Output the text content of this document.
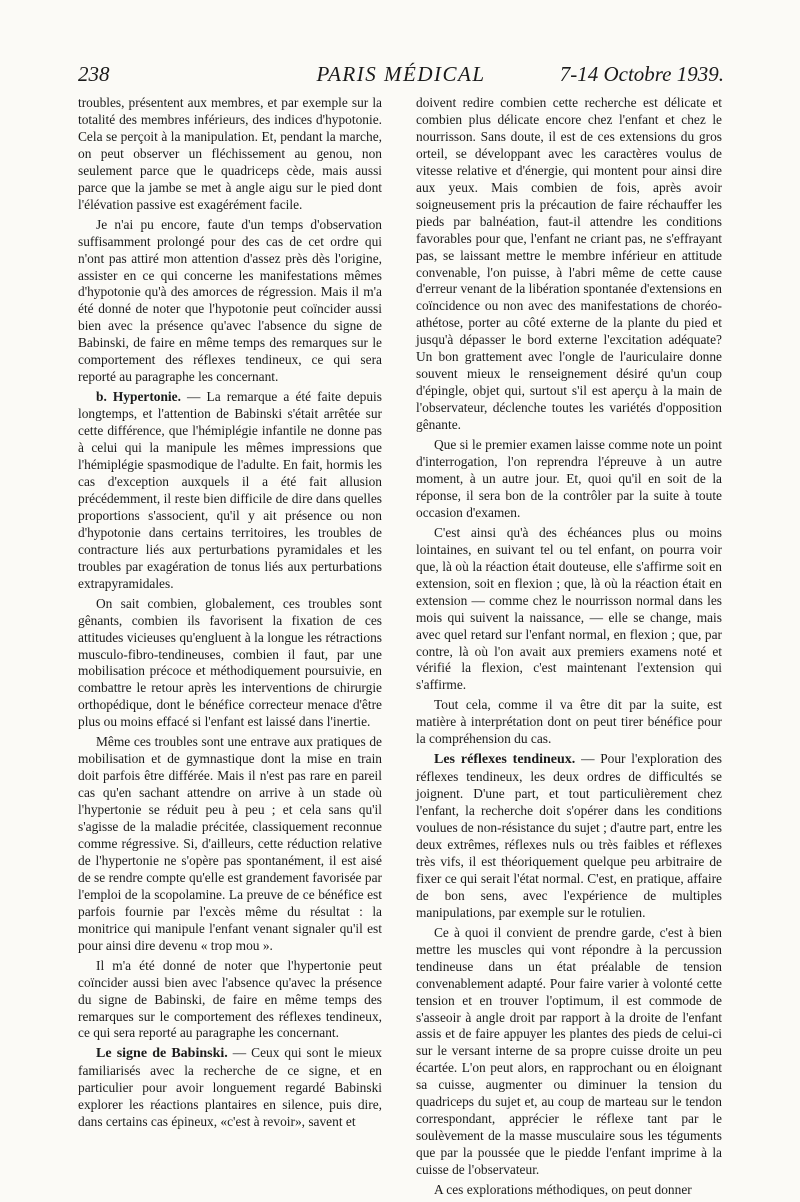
238	PARIS MÉDICAL	7-14 Octobre 1939.

troubles, présentent aux membres, et par exemple sur la totalité des membres inférieurs, des indices d'hypotonie. Cela se perçoit à la manipulation. Et, pendant la marche, on peut observer un fléchissement au genou, non seulement parce que le quadriceps cède, mais aussi parce que la jambe se met à angle aigu sur le pied dont l'élévation passive est exagérément facile.

Je n'ai pu encore, faute d'un temps d'observation suffisamment prolongé pour des cas de cet ordre qui n'ont pas attiré mon attention d'assez près dès l'origine, assister en ce qui concerne les manifestations mêmes d'hypotonie qu'à des amorces de régression. Mais il m'a été donné de noter que l'hypotonie peut coïncider aussi bien avec la présence qu'avec l'absence du signe de Babinski, de faire en même temps des remarques sur le comportement des réflexes tendineux, ce qui sera reporté au paragraphe les concernant.

b. Hypertonie. — La remarque a été faite depuis longtemps, et l'attention de Babinski s'était arrêtée sur cette différence, que l'hémiplégie infantile ne donne pas à celui qui la manipule les mêmes impressions que l'hémiplégie spasmodique de l'adulte. En fait, hormis les cas d'exception auxquels il a été fait allusion précédemment, il reste bien difficile de dire dans quelles proportions s'associent, qu'il y ait présence ou non d'hypotonie dans certains territoires, les troubles de contracture liés aux perturbations pyramidales et les troubles par exagération de tonus liés aux perturbations extrapyramidales.

On sait combien, globalement, ces troubles sont gênants, combien ils favorisent la fixation de ces attitudes vicieuses qu'engluent à la longue les rétractions musculo-fibro-tendineuses, combien il faut, par une mobilisation précoce et méthodiquement poursuivie, en combattre le retour après les interventions de chirurgie orthopédique, dont le bénéfice correcteur menace d'être plus ou moins effacé si l'enfant est laissé dans l'inertie.

Même ces troubles sont une entrave aux pratiques de mobilisation et de gymnastique dont la mise en train doit parfois être différée. Mais il n'est pas rare en pareil cas qu'en sachant attendre on arrive à un stade où l'hypertonie se réduit peu à peu ; et cela sans qu'il s'agisse de la maladie précitée, classiquement reconnue comme régressive. Si, d'ailleurs, cette réduction relative de l'hypertonie ne s'opère pas spontanément, il est aisé de se rendre compte qu'elle est grandement favorisée par l'emploi de la scopolamine. La preuve de ce bénéfice est parfois fournie par l'excès même du résultat : la monitrice qui manipule l'enfant venant signaler qu'il est pour ainsi dire devenu « trop mou ».

Il m'a été donné de noter que l'hypertonie peut coïncider aussi bien avec l'absence qu'avec la présence du signe de Babinski, de faire en même temps des remarques sur le comportement des réflexes tendineux, ce qui sera reporté au paragraphe les concernant.

Le signe de Babinski. — Ceux qui sont le mieux familiarisés avec la recherche de ce signe, et en particulier pour avoir longuement regardé Babinski explorer les réactions plantaires en silence, puis dire, dans certains cas épineux, «c'est à revoir», savent et

doivent redire combien cette recherche est délicate et combien plus délicate encore chez l'enfant et chez le nourrisson. Sans doute, il est de ces extensions du gros orteil, se développant avec les caractères voulus de vitesse relative et d'énergie, qui montent pour ainsi dire aux yeux. Mais combien de fois, après avoir soigneusement pris la précaution de faire réchauffer les pieds par balnéation, faut-il attendre les conditions favorables pour que, l'enfant ne criant pas, ne s'effrayant pas, se laissant mettre le membre inférieur en attitude convenable, l'on puisse, à l'abri même de cette cause d'erreur venant de la libération spontanée d'extensions en coïncidence ou non avec des manifestations de choréo-athétose, porter au côté externe de la plante du pied et jusqu'à dépasser le bord externe l'excitation adéquate? Un bon grattement avec l'ongle de l'auriculaire donne souvent mieux le renseignement désiré qu'un coup d'épingle, objet qui, surtout s'il est aperçu à la main de l'observateur, déclenche toutes les variétés d'opposition gênante.

Que si le premier examen laisse comme note un point d'interrogation, l'on reprendra l'épreuve à un autre moment, à un autre jour. Et, quoi qu'il en soit de la réponse, il sera bon de la contrôler par la suite à toute occasion d'examen.

C'est ainsi qu'à des échéances plus ou moins lointaines, en suivant tel ou tel enfant, on pourra voir que, là où la réaction était douteuse, elle s'affirme soit en extension, soit en flexion ; que, là où la réaction était en extension — comme chez le nourrisson normal dans les mois qui suivent la naissance, — elle se change, mais avec quel retard sur l'enfant normal, en flexion ; que, par contre, là où l'on avait aux premiers examens noté et vérifié la flexion, c'est maintenant l'extension qui s'affirme.

Tout cela, comme il va être dit par la suite, est matière à interprétation dont on peut tirer bénéfice pour la compréhension du cas.

Les réflexes tendineux. — Pour l'exploration des réflexes tendineux, les deux ordres de difficultés se joignent. D'une part, et tout particulièrement chez l'enfant, la recherche doit s'opérer dans les conditions voulues de non-résistance du sujet ; d'autre part, entre les deux extrêmes, réflexes nuls ou très faibles et réflexes très vifs, il est théoriquement quelque peu arbitraire de fixer ce qui serait l'état normal. C'est, en pratique, affaire de bon sens, avec l'expérience de multiples manipulations, par exemple sur le rotulien.

Ce à quoi il convient de prendre garde, c'est à bien mettre les muscles qui vont répondre à la percussion tendineuse dans un état préalable de tension convenablement adapté. Pour faire varier à volonté cette tension et en trouver l'optimum, il est commode de s'asseoir à angle droit par rapport à la droite de l'enfant assis et de faire appuyer les plantes des pieds de celui-ci sur le versant interne de sa propre cuisse droite un peu écartée. L'on peut alors, en rapprochant ou en éloignant sa cuisse, augmenter ou diminuer la tension du quadriceps du sujet et, au coup de marteau sur le tendon correspondant, apprécier le réflexe tant par le soulèvement de la masse musculaire sous les téguments que par la poussée que le piedde l'enfant imprime à la cuisse de l'observateur.

A ces explorations méthodiques, on peut donner
